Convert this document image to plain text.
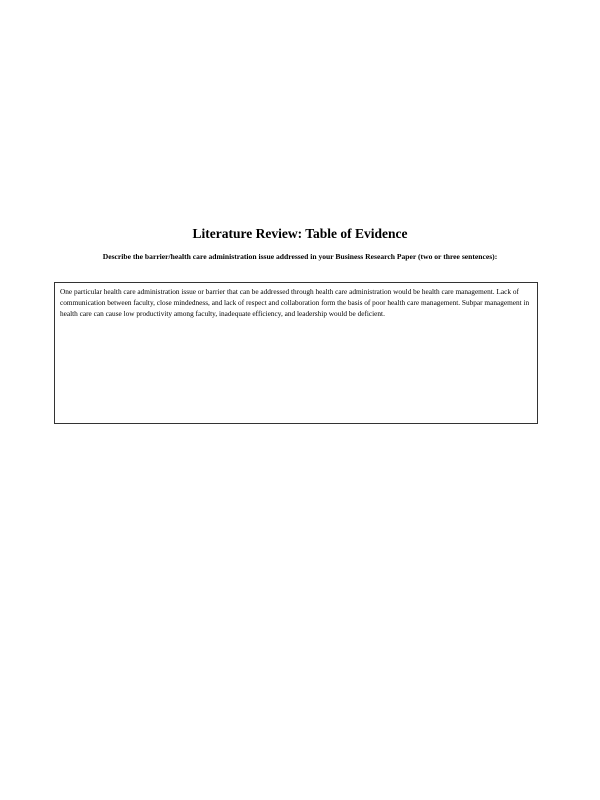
Literature Review: Table of Evidence

Describe the barrier/health care administration issue addressed in your Business Research Paper (two or three sentences):

One particular health care administration issue or barrier that can be addressed through health care administration would be health care management. Lack of communication between faculty, close mindedness, and lack of respect and collaboration form the basis of poor health care management. Subpar management in health care can cause low productivity among faculty, inadequate efficiency, and leadership would be deficient.
